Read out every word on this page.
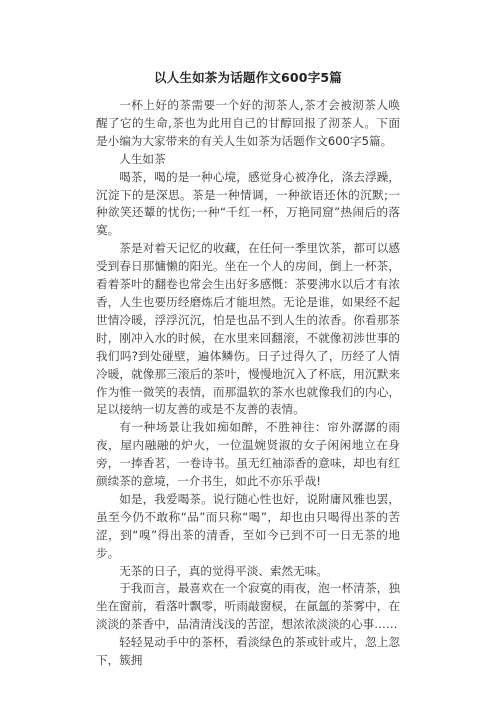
以人生如茶为话题作文600字5篇

一杯上好的茶需要一个好的沏茶人,茶才会被沏茶人唤醒了它的生命,茶也为此用自己的甘醇回报了沏茶人。下面是小编为大家带来的有关人生如茶为话题作文600字5篇。

人生如茶

喝茶，喝的是一种心境，感觉身心被净化，涤去浮躁，沉淀下的是深思。茶是一种情调，一种欲语还休的沉默;一种欲笑还颦的忧伤;一种“千红一杯，万艳同窟”热闹后的落寞。

茶是对着天记忆的收藏，在任何一季里饮茶，都可以感受到春日那慵懒的阳光。坐在一个人的房间，倒上一杯茶，看着茶叶的翻卷也常会生出好多感慨：茶要沸水以后才有浓香，人生也要历经磨炼后才能坦然。无论是谁，如果经不起世情冷暖，浮浮沉沉，怕是也品不到人生的浓香。你看那茶时，刚冲入水的时候，在水里来回翻滚，不就像初涉世事的我们吗?到处碰壁，遍体鳞伤。日子过得久了，历经了人情冷暖，就像那三滚后的茶叶，慢慢地沉入了杯底，用沉默来作为惟一微笑的表情，而那温软的茶水也就像我们的内心，足以接纳一切友善的或是不友善的表情。

有一种场景让我如痴如醉，不胜神往：帘外潺潺的雨夜，屋内融融的炉火，一位温婉贤淑的女子闲闲地立在身旁，一捧香茗，一卷诗书。虽无红袖添香的意味，却也有红颜续茶的意境，一介书生，如此不亦乐乎哉!

如是，我爱喝茶。说行随心性也好，说附庸风雅也罢，虽至今仍不敢称“品”而只称“喝”，却也由只喝得出茶的苦涩，到“嗅”得出茶的清香，至如今已到不可一日无茶的地步。

无茶的日子，真的觉得平淡、索然无味。

于我而言，最喜欢在一个寂寞的雨夜，泡一杯清茶，独坐在窗前，看落叶飘零，听雨敲窗棂，在氤氲的茶雾中，在淡淡的茶香中，品清清浅浅的苦涩，想浓浓淡淡的心事……

轻轻晃动手中的茶杯，看淡绿色的茶或针或片，忽上忽下，簇拥
